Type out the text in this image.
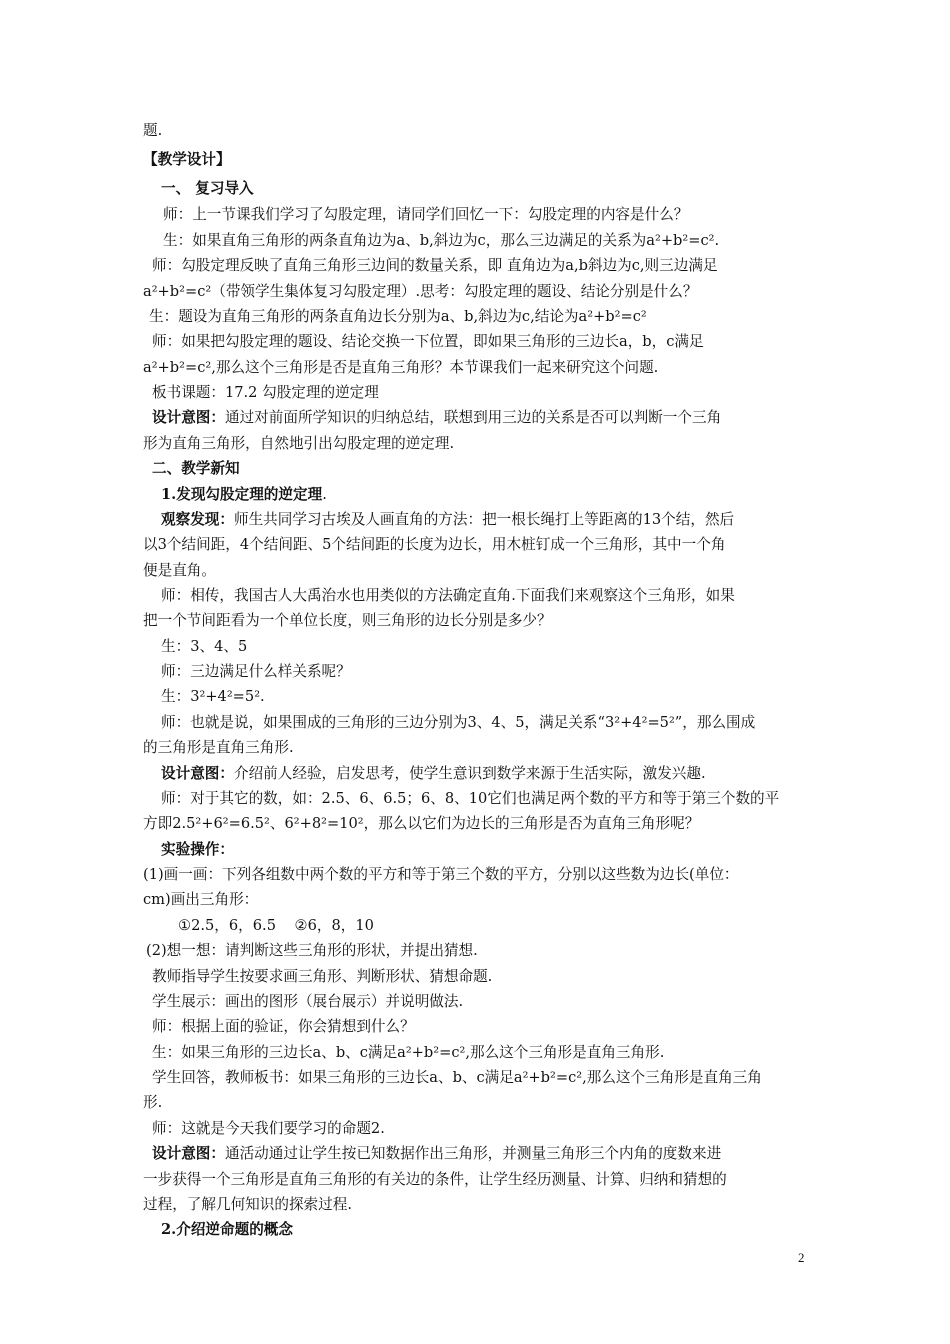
题.
【教学设计】
一、 复习导入
师：上一节课我们学习了勾股定理，请同学们回忆一下：勾股定理的内容是什么？
生：如果直角三角形的两条直角边为a、b,斜边为c，那么三边满足的关系为a²+b²=c².
师：勾股定理反映了直角三角形三边间的数量关系，即 直角边为a,b斜边为c,则三边满足
a²+b²=c²（带领学生集体复习勾股定理）.思考：勾股定理的题设、结论分别是什么？
生：题设为直角三角形的两条直角边长分别为a、b,斜边为c,结论为a²+b²=c²
师：如果把勾股定理的题设、结论交换一下位置，即如果三角形的三边长a，b，c满足
a²+b²=c²,那么这个三角形是否是直角三角形？本节课我们一起来研究这个问题.
板书课题：17.2 勾股定理的逆定理
设计意图：通过对前面所学知识的归纳总结，联想到用三边的关系是否可以判断一个三角
形为直角三角形，自然地引出勾股定理的逆定理.
二、教学新知
1.发现勾股定理的逆定理.
观察发现：师生共同学习古埃及人画直角的方法：把一根长绳打上等距离的13个结，然后
以3个结间距，4个结间距、5个结间距的长度为边长，用木桩钉成一个三角形，其中一个角
便是直角。
师：相传，我国古人大禹治水也用类似的方法确定直角.下面我们来观察这个三角形，如果
把一个节间距看为一个单位长度，则三角形的边长分别是多少？
生：3、4、5
师：三边满足什么样关系呢？
生：3²+4²=5².
师：也就是说，如果围成的三角形的三边分别为3、4、5，满足关系“3²+4²=5²”，那么围成
的三角形是直角三角形.
设计意图：介绍前人经验，启发思考，使学生意识到数学来源于生活实际，激发兴趣.
师：对于其它的数，如：2.5、6、6.5；6、8、10它们也满足两个数的平方和等于第三个数的平
方即2.5²+6²=6.5²、6²+8²=10²，那么以它们为边长的三角形是否为直角三角形呢？
实验操作：
(1)画一画：下列各组数中两个数的平方和等于第三个数的平方，分别以这些数为边长(单位：
cm)画出三角形：
①2.5，6，6.5    ②6，8，10
(2)想一想：请判断这些三角形的形状，并提出猜想.
教师指导学生按要求画三角形、判断形状、猜想命题.
学生展示：画出的图形（展台展示）并说明做法.
师：根据上面的验证，你会猜想到什么？
生：如果三角形的三边长a、b、c满足a²+b²=c²,那么这个三角形是直角三角形.
学生回答，教师板书：如果三角形的三边长a、b、c满足a²+b²=c²,那么这个三角形是直角三角
形.
师：这就是今天我们要学习的命题2.
设计意图：通活动通过让学生按已知数据作出三角形，并测量三角形三个内角的度数来进
一步获得一个三角形是直角三角形的有关边的条件，让学生经历测量、计算、归纳和猜想的
过程，了解几何知识的探索过程.
2.介绍逆命题的概念
2
